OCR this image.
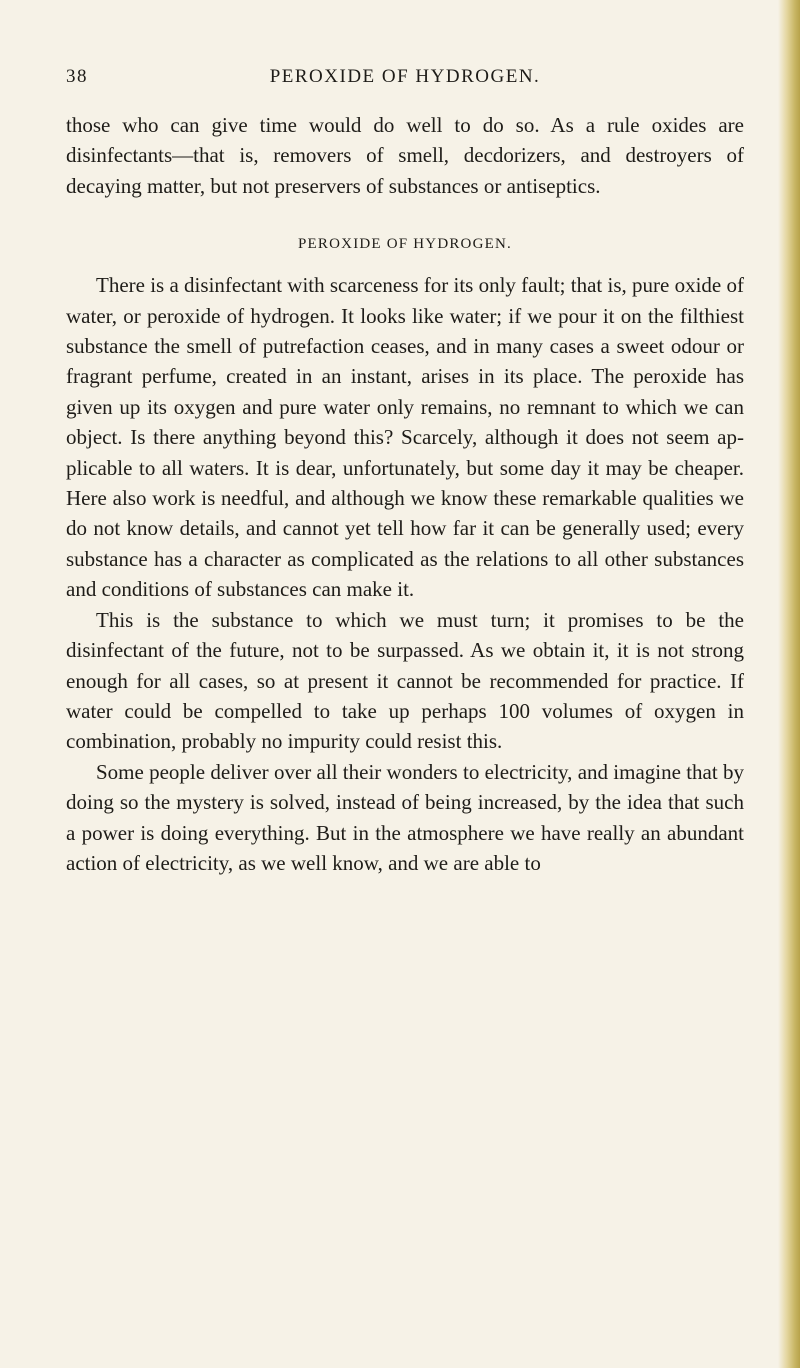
38	PEROXIDE OF HYDROGEN.

those who can give time would do well to do so. As a rule oxides are disinfectants—that is, removers of smell, decdorizers, and destroyers of decaying matter, but not preservers of substances or antiseptics.

PEROXIDE OF HYDROGEN.

There is a disinfectant with scarceness for its only fault; that is, pure oxide of water, or peroxide of hydrogen. It looks like water; if we pour it on the filthiest substance the smell of putrefaction ceases, and in many cases a sweet odour or fragrant perfume, created in an instant, arises in its place. The peroxide has given up its oxygen and pure water only remains, no remnant to which we can object. Is there anything beyond this? Scarcely, although it does not seem applicable to all waters. It is dear, unfortunately, but some day it may be cheaper. Here also work is needful, and although we know these remarkable qualities we do not know details, and cannot yet tell how far it can be generally used; every substance has a character as complicated as the relations to all other substances and conditions of substances can make it.

This is the substance to which we must turn; it promises to be the disinfectant of the future, not to be surpassed. As we obtain it, it is not strong enough for all cases, so at present it cannot be recommended for practice. If water could be compelled to take up perhaps 100 volumes of oxygen in combination, probably no impurity could resist this.

Some people deliver over all their wonders to electricity, and imagine that by doing so the mystery is solved, instead of being increased, by the idea that such a power is doing everything. But in the atmosphere we have really an abundant action of electricity, as we well know, and we are able to
